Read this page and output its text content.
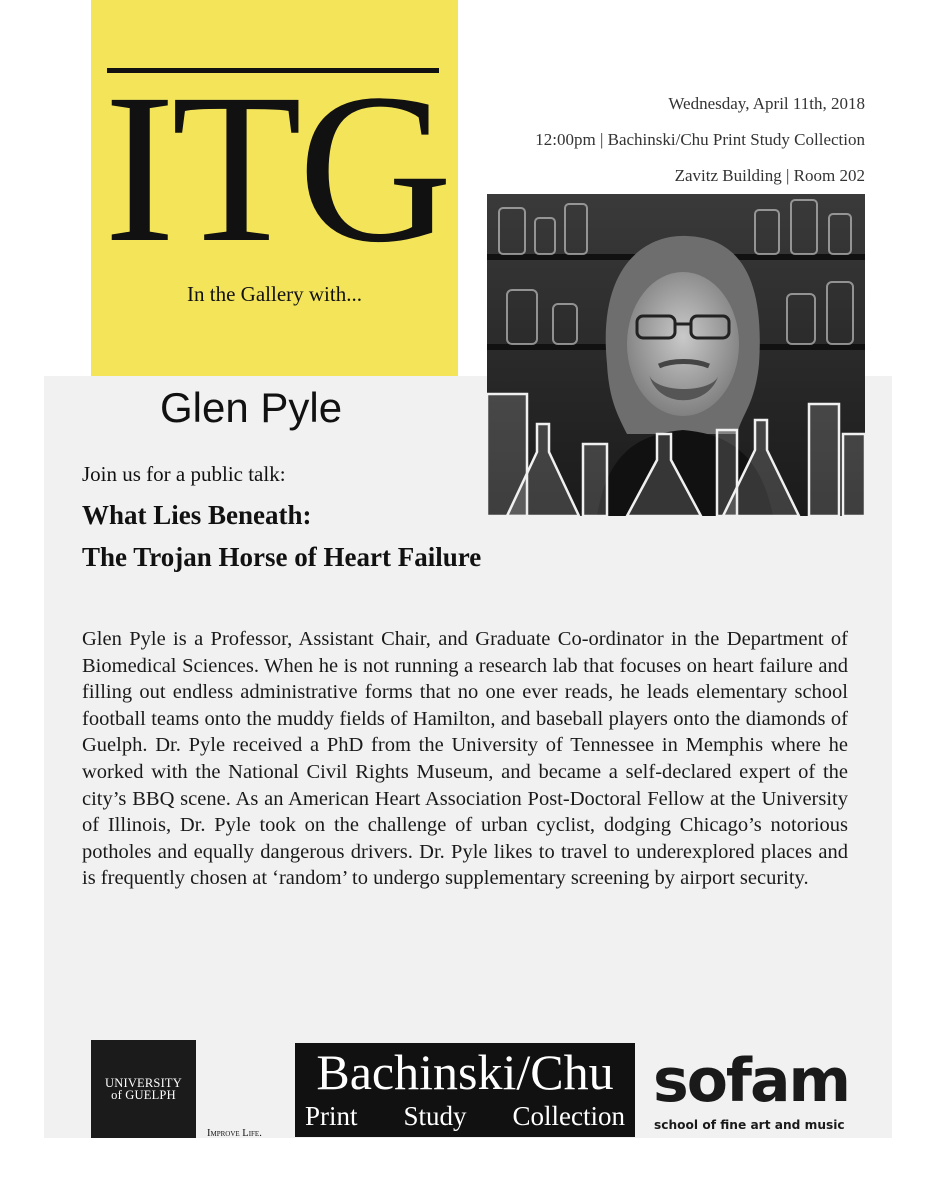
ITG
In the Gallery with...
Wednesday, April 11th, 2018
12:00pm | Bachinski/Chu Print Study Collection
Zavitz Building | Room 202
Glen Pyle
Join us for a public talk:
What Lies Beneath:
The Trojan Horse of Heart Failure
Glen Pyle is a Professor, Assistant Chair, and Graduate Co-ordinator in the Department of Biomedical Sciences. When he is not running a research lab that focuses on heart failure and filling out endless administrative forms that no one ever reads, he leads elementary school football teams onto the muddy fields of Hamilton, and baseball players onto the diamonds of Guelph. Dr. Pyle received a PhD from the University of Tennessee in Memphis where he worked with the National Civil Rights Museum, and became a self-declared expert of the city’s BBQ scene. As an American Heart Association Post-Doctoral Fellow at the University of Illinois, Dr. Pyle took on the challenge of urban cyclist, dodging Chicago’s notorious potholes and equally dangerous drivers. Dr. Pyle likes to travel to underexplored places and is frequently chosen at ‘random’ to undergo supplementary screening by airport security.
UNIVERSITY
of GUELPH
Improve Life.
Bachinski/Chu
Print Study Collection sofam
school of fine art and music
